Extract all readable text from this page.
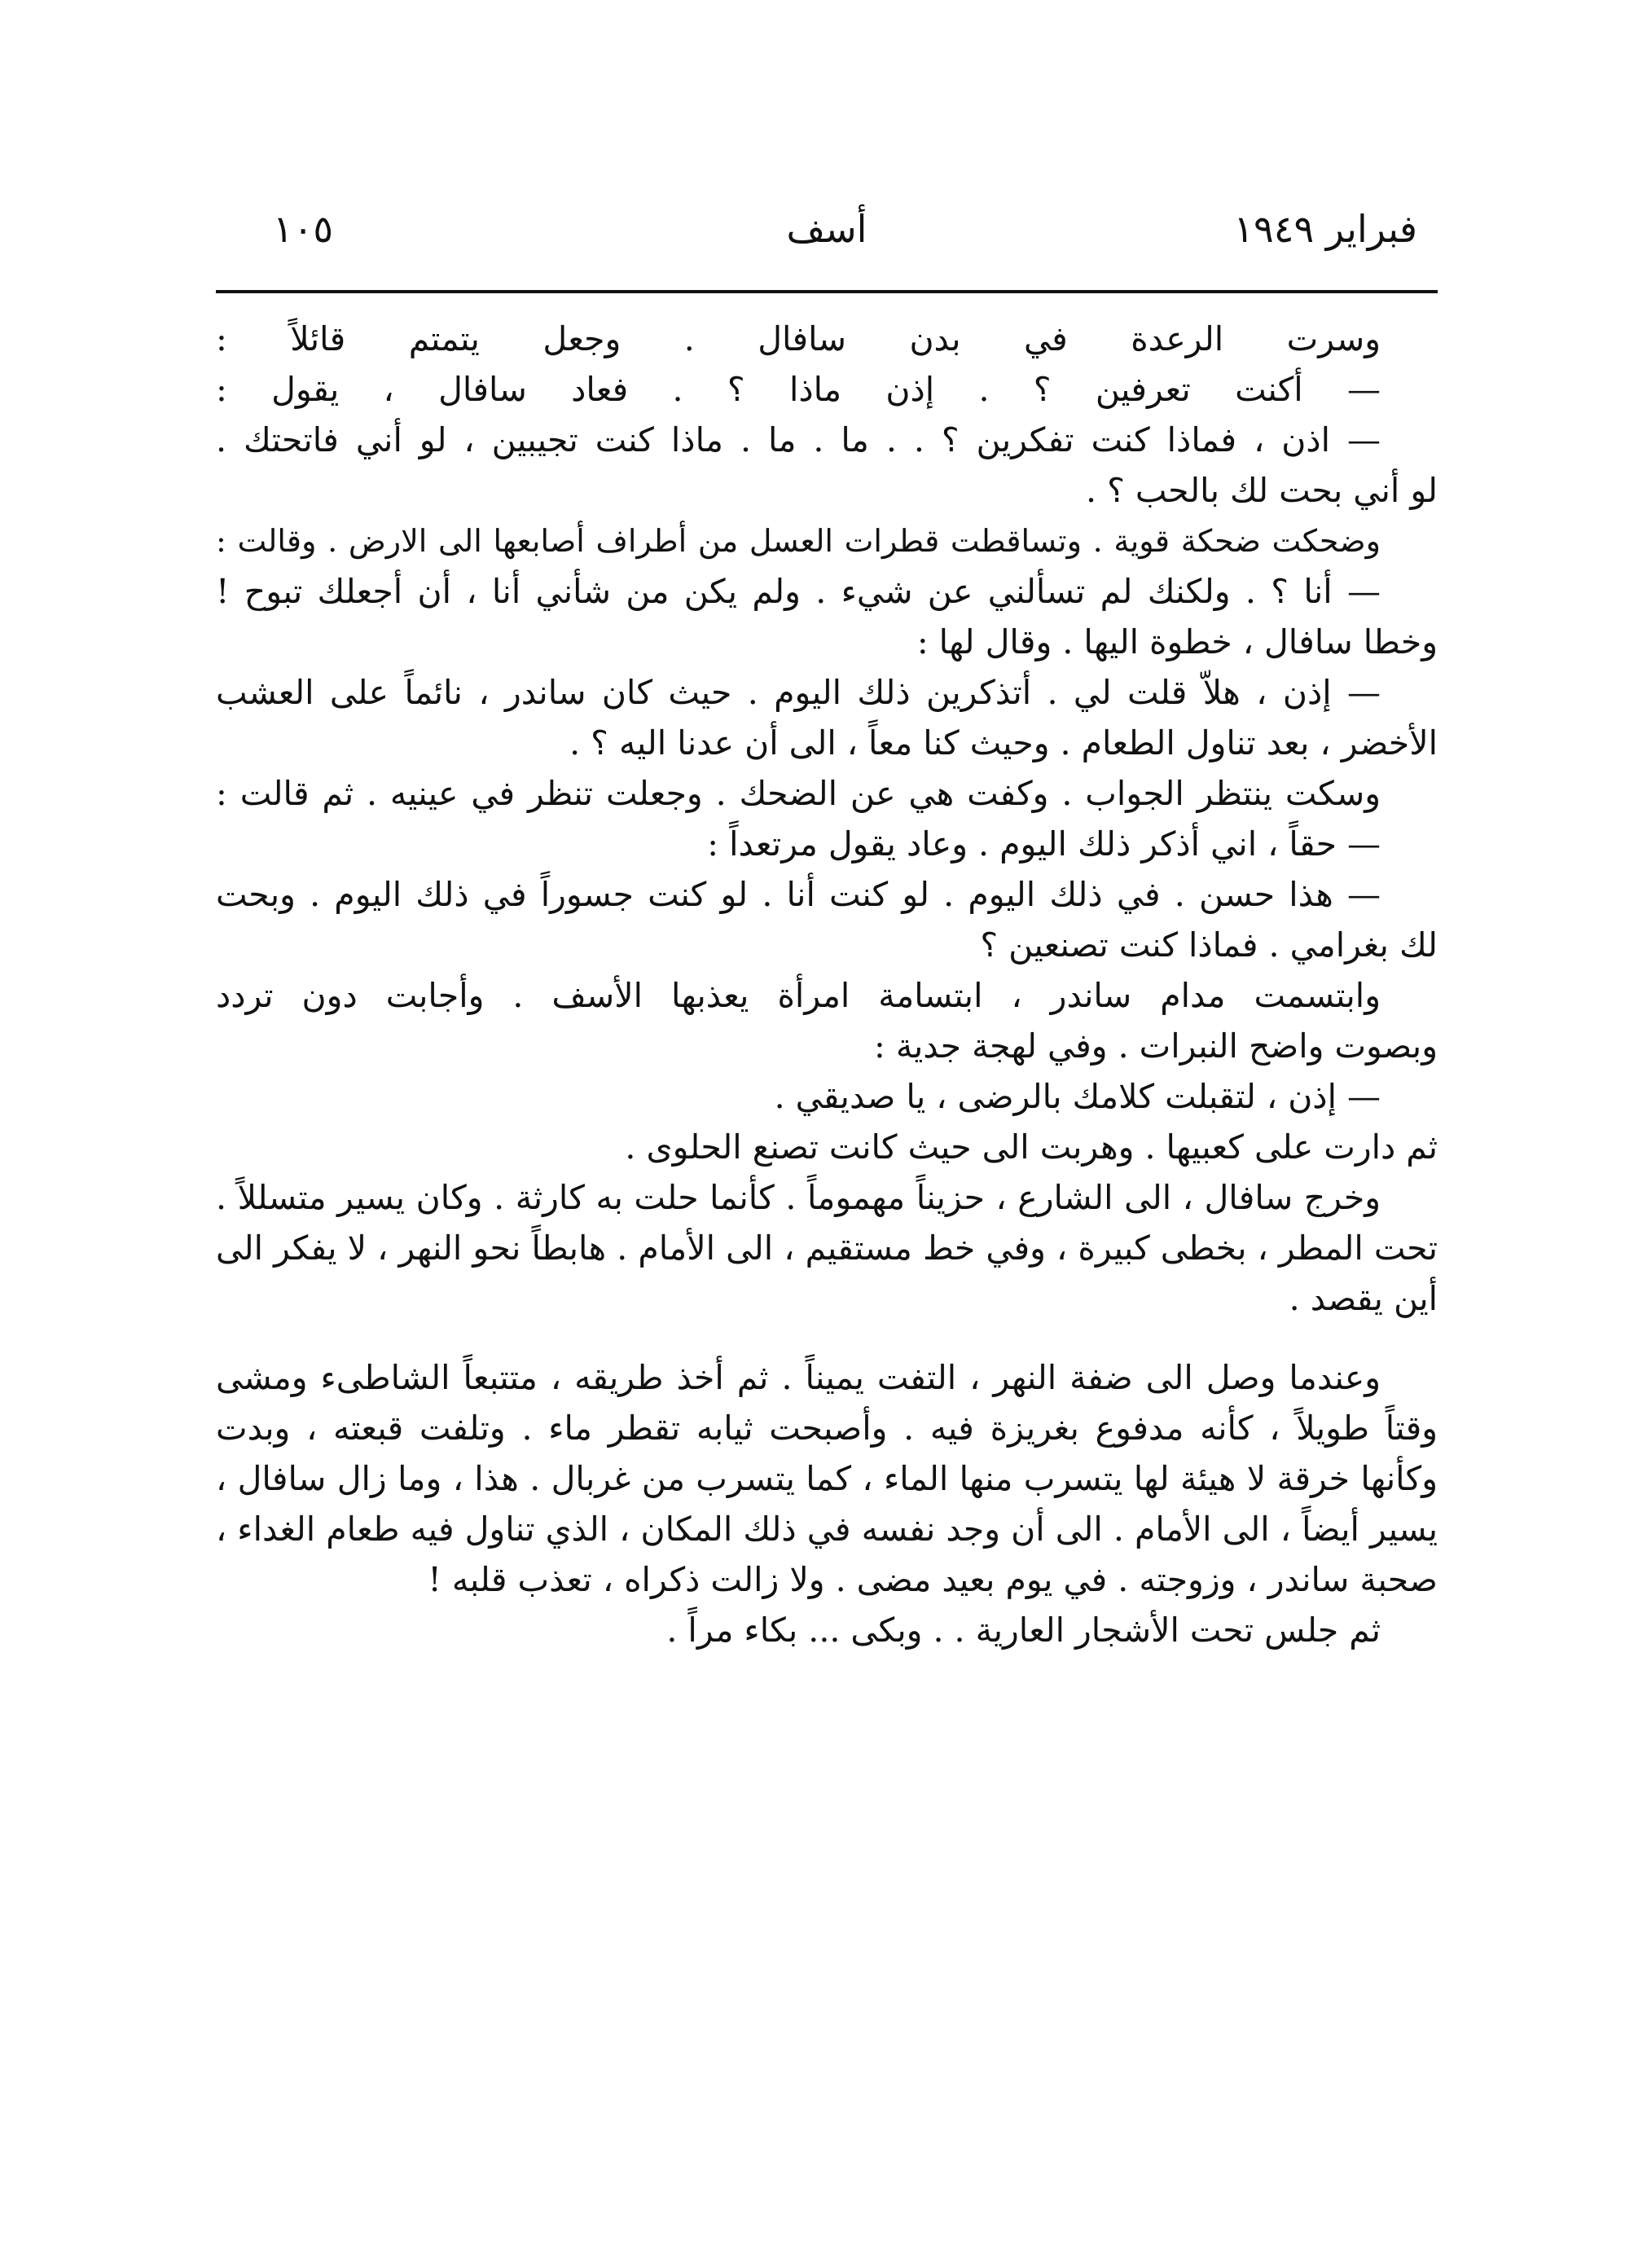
فبراير ١٩٤٩
أسف
١٠٥
وسرت الرعدة في بدن سافال . وجعل يتمتم قائلاً :
— أكنت تعرفين ؟ . إذن ماذا ؟ . فعاد سافال ، يقول :
— اذن ، فماذا كنت تفكرين ؟ . . ما . ما . ماذا كنت تجيبين ، لو أني فاتحتك .
لو أني بحت لك بالحب ؟ .
وضحكت ضحكة قوية . وتساقطت قطرات العسل من أطراف أصابعها الى الارض . وقالت :
— أنا ؟ . ولكنك لم تسألني عن شيء . ولم يكن من شأني أنا ، أن أجعلك تبوح !
وخطا سافال ، خطوة اليها . وقال لها :
— إذن ، هلاّ قلت لي . أتذكرين ذلك اليوم . حيث كان ساندر ، نائماً على العشب
الأخضر ، بعد تناول الطعام . وحيث كنا معاً ، الى أن عدنا اليه ؟ .
وسكت ينتظر الجواب . وكفت هي عن الضحك . وجعلت تنظر في عينيه . ثم قالت :
— حقاً ، اني أذكر ذلك اليوم . وعاد يقول مرتعداً :
— هذا حسن . في ذلك اليوم . لو كنت أنا . لو كنت جسوراً في ذلك اليوم . وبحت
لك بغرامي . فماذا كنت تصنعين ؟
وابتسمت مدام ساندر ، ابتسامة امرأة يعذبها الأسف . وأجابت دون تردد
وبصوت واضح النبرات . وفي لهجة جدية :
— إذن ، لتقبلت كلامك بالرضى ، يا صديقي .
ثم دارت على كعبيها . وهربت الى حيث كانت تصنع الحلوى .
وخرج سافال ، الى الشارع ، حزيناً مهموماً . كأنما حلت به كارثة . وكان يسير متسللاً .
تحت المطر ، بخطى كبيرة ، وفي خط مستقيم ، الى الأمام . هابطاً نحو النهر ، لا يفكر الى
أين يقصد .
وعندما وصل الى ضفة النهر ، التفت يميناً . ثم أخذ طريقه ، متتبعاً الشاطىء ومشى
وقتاً طويلاً ، كأنه مدفوع بغريزة فيه . وأصبحت ثيابه تقطر ماء . وتلفت قبعته ، وبدت
وكأنها خرقة لا هيئة لها يتسرب منها الماء ، كما يتسرب من غربال . هذا ، وما زال سافال ،
يسير أيضاً ، الى الأمام . الى أن وجد نفسه في ذلك المكان ، الذي تناول فيه طعام الغداء ،
صحبة ساندر ، وزوجته . في يوم بعيد مضى . ولا زالت ذكراه ، تعذب قلبه !
ثم جلس تحت الأشجار العارية . . وبكى ... بكاء مراً .
